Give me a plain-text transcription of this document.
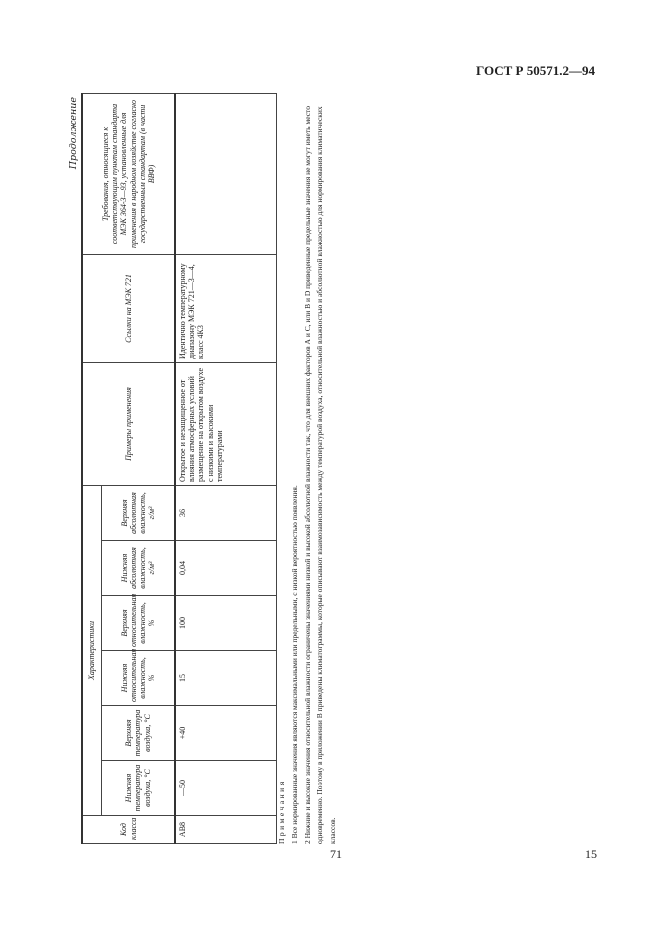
ГОСТ Р 50571.2—94
Продолжение
Код класса	Характеристики						Примеры применения	Ссылки на МЭК 721	Требования, относящиеся к соответствующим пунктам стандарта МЭК 364-3—93, установленные для применения в народном хозяйстве согласно государственным стандартам (в части ВВФ)
	Нижняя температура воздуха, °С	Верхняя температура воздуха, °С	Нижняя относительная влажность, %	Верхняя относительная влажность, %	Нижняя абсолютная влажность, г/м³	Верхняя абсолютная влажность, г/м³			
AB8	—50	+40	15	100	0,04	36	Открытое и незащищенное от влияния атмосферных условий размещение на открытом воздухе с низкими и высокими температурами	Идентично температурному диапазону МЭК 721—3—4, класс 4К3	
Примечания 1 Все нормированные значения являются максимальными или предельными, с низкой вероятностью появления. 2 Нижние и высокие значения относительной влажности ограничены значениями низкой и высокой абсолютной влажности так, что для внешних факторов А и С, или В и D приведенные предельные значения не могут иметь место одновременно. Поэтому в приложении В приведены климатограммы, которые описывают взаимозависимость между температурой воздуха, относительной влажностью и абсолютной влажностью для нормирования климатических классов.
71	15
